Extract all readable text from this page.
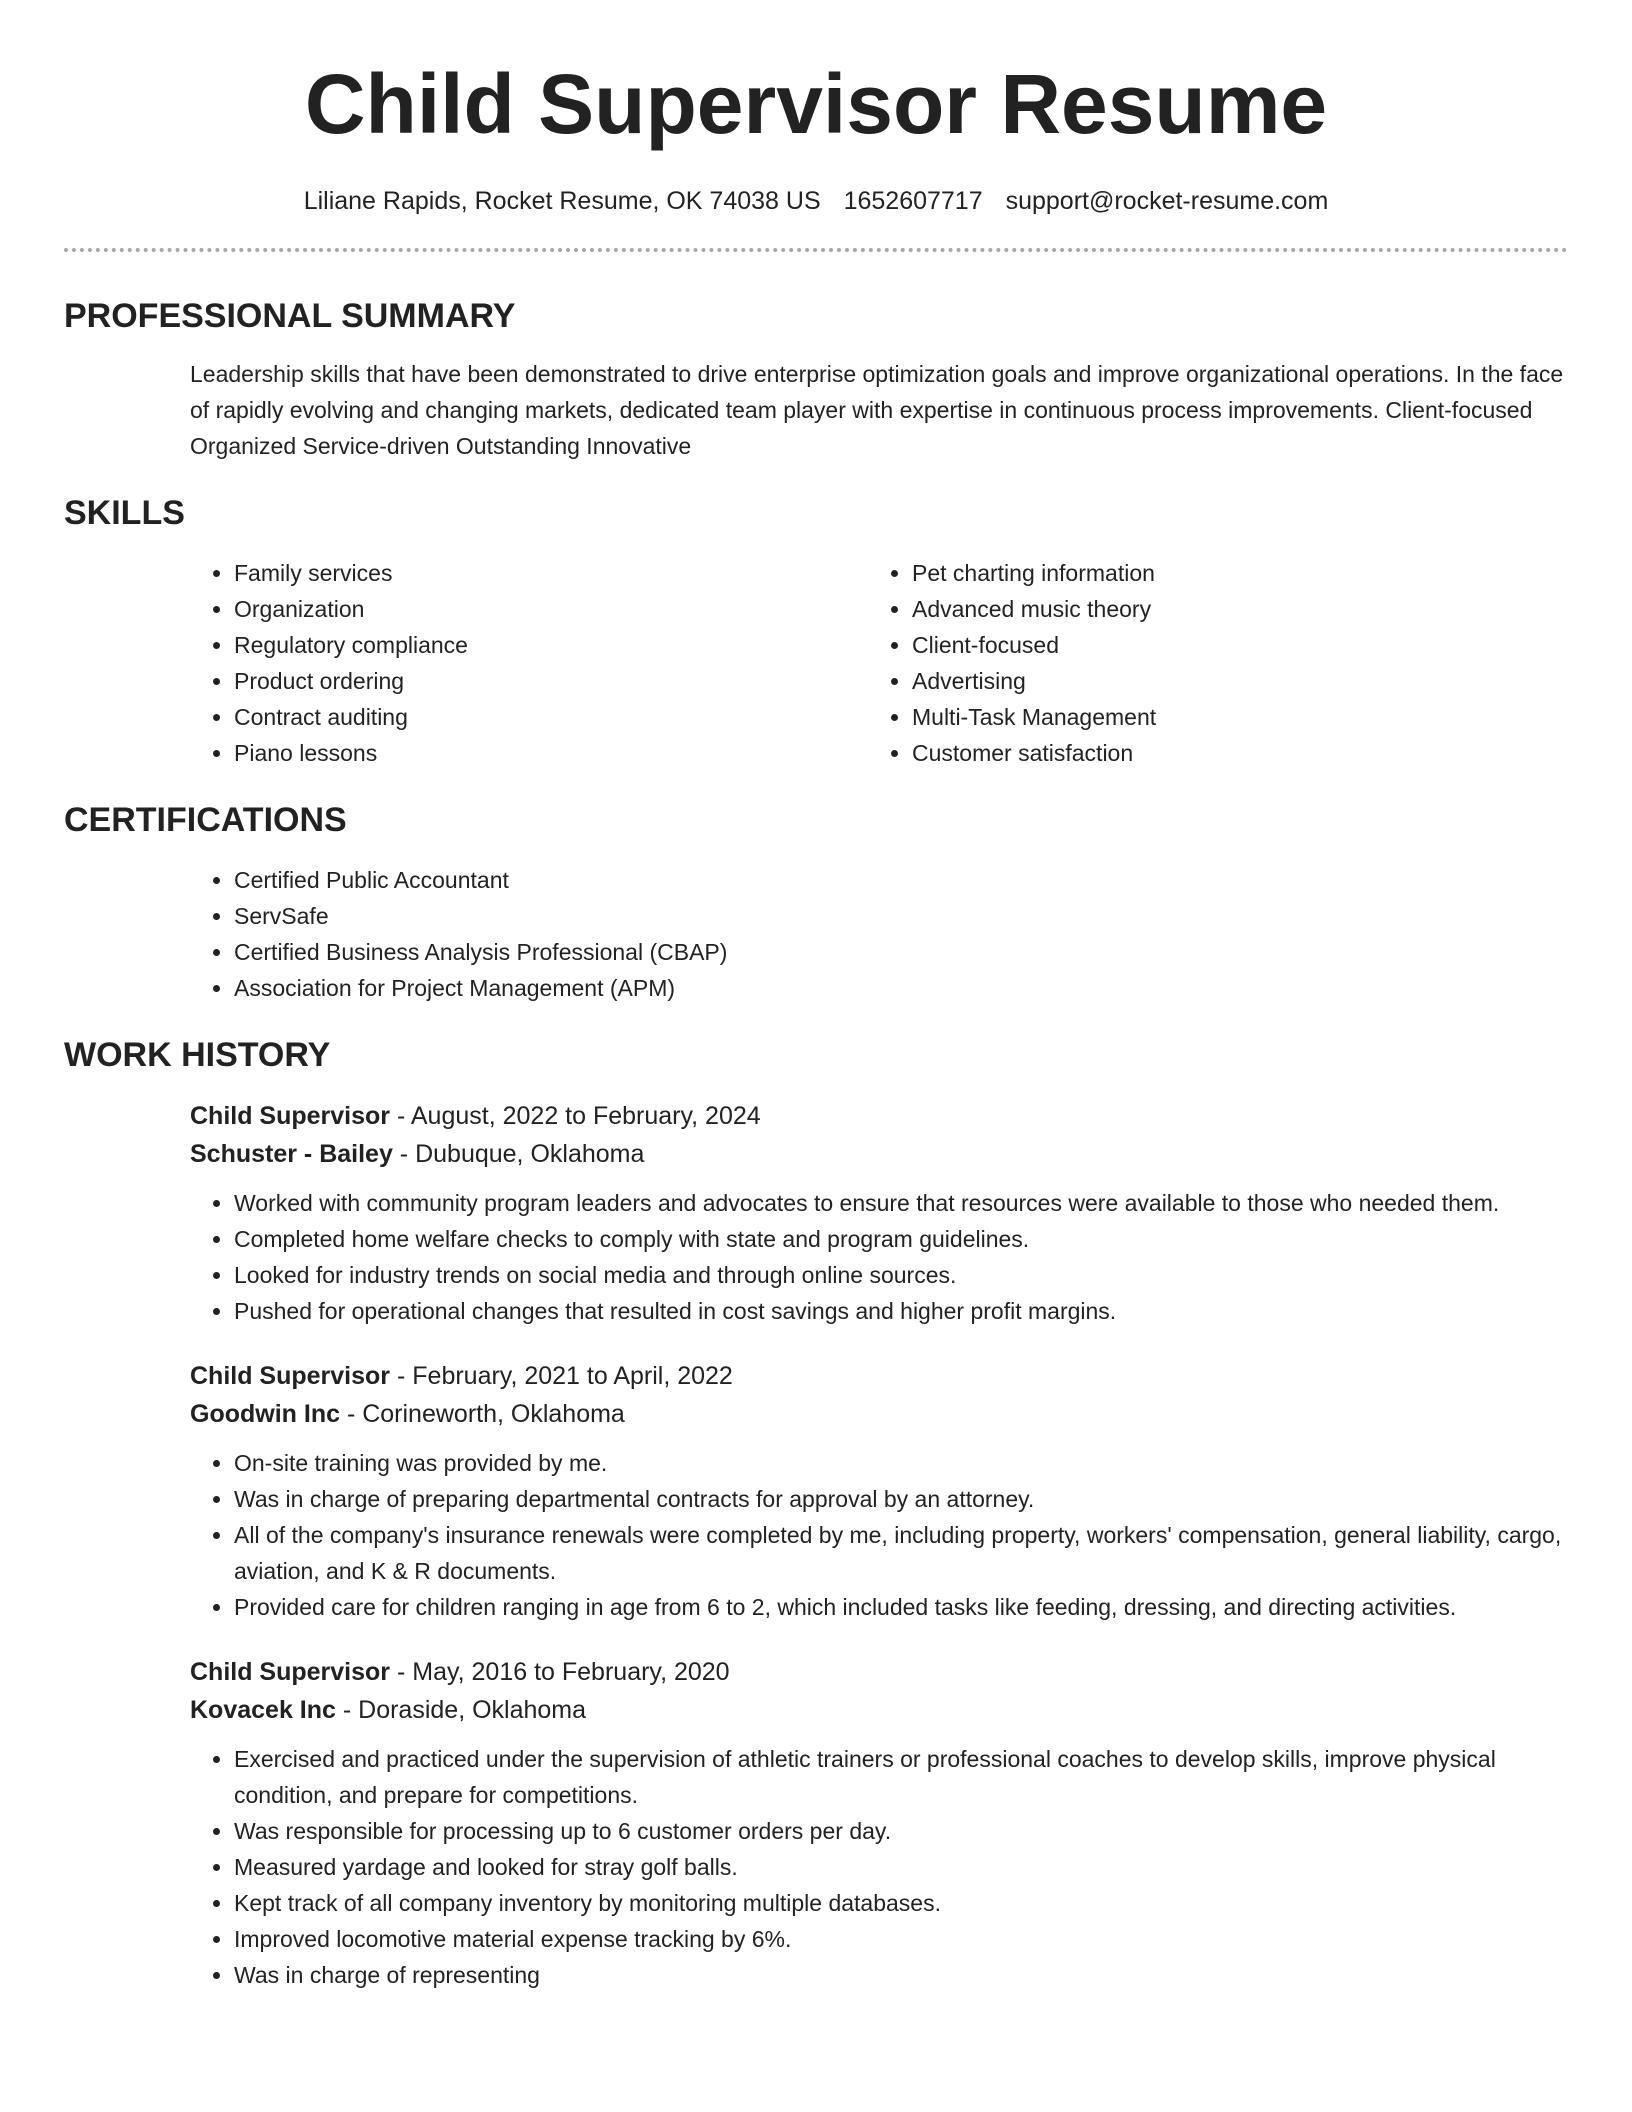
Child Supervisor Resume
Liliane Rapids, Rocket Resume, OK 74038 US 1652607717 support@rocket-resume.com
PROFESSIONAL SUMMARY
Leadership skills that have been demonstrated to drive enterprise optimization goals and improve organizational operations. In the face of rapidly evolving and changing markets, dedicated team player with expertise in continuous process improvements. Client-focused Organized Service-driven Outstanding Innovative
SKILLS
• Family services
• Organization
• Regulatory compliance
• Product ordering
• Contract auditing
• Piano lessons
• Pet charting information
• Advanced music theory
• Client-focused
• Advertising
• Multi-Task Management
• Customer satisfaction
CERTIFICATIONS
• Certified Public Accountant
• ServSafe
• Certified Business Analysis Professional (CBAP)
• Association for Project Management (APM)
WORK HISTORY
Child Supervisor - August, 2022 to February, 2024
Schuster - Bailey - Dubuque, Oklahoma
• Worked with community program leaders and advocates to ensure that resources were available to those who needed them.
• Completed home welfare checks to comply with state and program guidelines.
• Looked for industry trends on social media and through online sources.
• Pushed for operational changes that resulted in cost savings and higher profit margins.
Child Supervisor - February, 2021 to April, 2022
Goodwin Inc - Corineworth, Oklahoma
• On-site training was provided by me.
• Was in charge of preparing departmental contracts for approval by an attorney.
• All of the company's insurance renewals were completed by me, including property, workers' compensation, general liability, cargo, aviation, and K & R documents.
• Provided care for children ranging in age from 6 to 2, which included tasks like feeding, dressing, and directing activities.
Child Supervisor - May, 2016 to February, 2020
Kovacek Inc - Doraside, Oklahoma
• Exercised and practiced under the supervision of athletic trainers or professional coaches to develop skills, improve physical condition, and prepare for competitions.
• Was responsible for processing up to 6 customer orders per day.
• Measured yardage and looked for stray golf balls.
• Kept track of all company inventory by monitoring multiple databases.
• Improved locomotive material expense tracking by 6%.
• Was in charge of representing
